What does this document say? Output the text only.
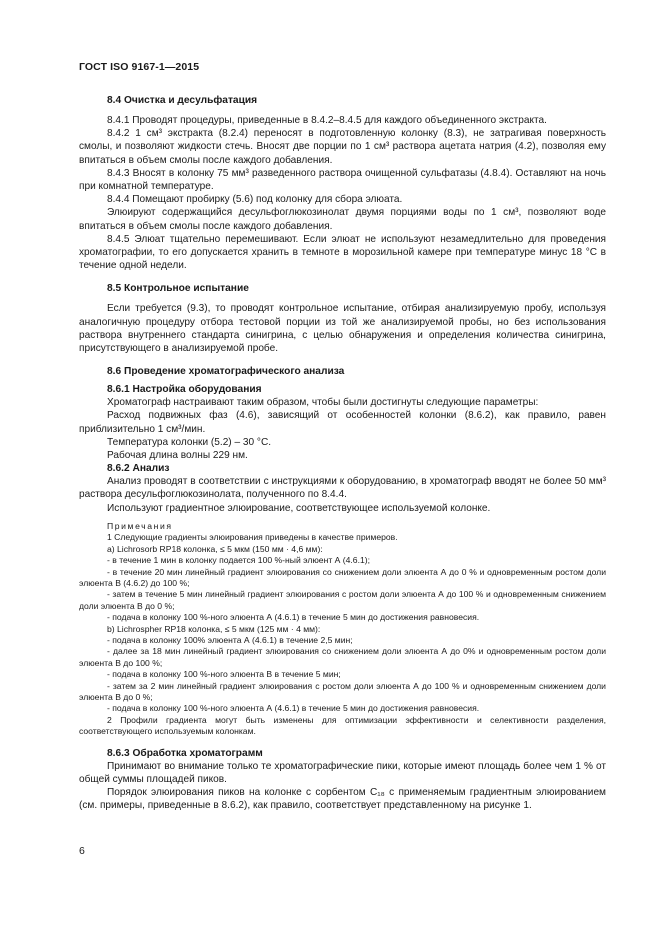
ГОСТ ISO 9167-1—2015

8.4 Очистка и десульфатация

8.4.1 Проводят процедуры, приведенные в 8.4.2–8.4.5 для каждого объединенного экстракта.

8.4.2 1 см³ экстракта (8.2.4) переносят в подготовленную колонку (8.3), не затрагивая поверхность смолы, и позволяют жидкости стечь. Вносят две порции по 1 см³ раствора ацетата натрия (4.2), позволяя ему впитаться в объем смолы после каждого добавления.

8.4.3 Вносят в колонку 75 мм³ разведенного раствора очищенной сульфатазы (4.8.4). Оставляют на ночь при комнатной температуре.

8.4.4 Помещают пробирку (5.6) под колонку для сбора элюата.

Элюируют содержащийся десульфоглюкозинолат двумя порциями воды по 1 см³, позволяют воде впитаться в объем смолы после каждого добавления.

8.4.5 Элюат тщательно перемешивают. Если элюат не используют незамедлительно для проведения хроматографии, то его допускается хранить в темноте в морозильной камере при температуре минус 18 °С в течение одной недели.

8.5 Контрольное испытание

Если требуется (9.3), то проводят контрольное испытание, отбирая анализируемую пробу, используя аналогичную процедуру отбора тестовой порции из той же анализируемой пробы, но без использования раствора внутреннего стандарта синигрина, с целью обнаружения и определения количества синигрина, присутствующего в анализируемой пробе.

8.6 Проведение хроматографического анализа

8.6.1 Настройка оборудования

Хроматограф настраивают таким образом, чтобы были достигнуты следующие параметры:

Расход подвижных фаз (4.6), зависящий от особенностей колонки (8.6.2), как правило, равен приблизительно 1 см³/мин.

Температура колонки (5.2) – 30 °С.

Рабочая длина волны 229 нм.

8.6.2 Анализ

Анализ проводят в соответствии с инструкциями к оборудованию, в хроматограф вводят не более 50 мм³ раствора десульфоглюкозинолата, полученного по 8.4.4.

Используют градиентное элюирование, соответствующее используемой колонке.

Примечания

1 Следующие градиенты элюирования приведены в качестве примеров.

a) Lichrosorb RP18 колонка, ≤ 5 мкм (150 мм · 4,6 мм):

- в течение 1 мин в колонку подается 100 %-ный элюент А (4.6.1);

- в течение 20 мин линейный градиент элюирования со снижением доли элюента А до 0 % и одновременным ростом доли элюента В (4.6.2) до 100 %;

- затем в течение 5 мин линейный градиент элюирования с ростом доли элюента А до 100 % и одновременным снижением доли элюента В до 0 %;

- подача в колонку 100 %-ного элюента А (4.6.1) в течение 5 мин до достижения равновесия.

b) Lichrospher RP18 колонка, ≤ 5 мкм (125 мм · 4 мм):

- подача в колонку 100% элюента А (4.6.1) в течение 2,5 мин;

- далее за 18 мин линейный градиент элюирования со снижением доли элюента А до 0% и одновременным ростом доли элюента В до 100 %;

- подача в колонку 100 %-ного элюента В в течение 5 мин;

- затем за 2 мин линейный градиент элюирования с ростом доли элюента А до 100 % и одновременным снижением доли элюента В до 0 %;

- подача в колонку 100 %-ного элюента А (4.6.1) в течение 5 мин до достижения равновесия.

2 Профили градиента могут быть изменены для оптимизации эффективности и селективности разделения, соответствующего используемым колонкам.

8.6.3 Обработка хроматограмм

Принимают во внимание только те хроматографические пики, которые имеют площадь более чем 1 % от общей суммы площадей пиков.

Порядок элюирования пиков на колонке с сорбентом C₁₈ с применяемым градиентным элюированием (см. примеры, приведенные в 8.6.2), как правило, соответствует представленному на рисунке 1.

6
